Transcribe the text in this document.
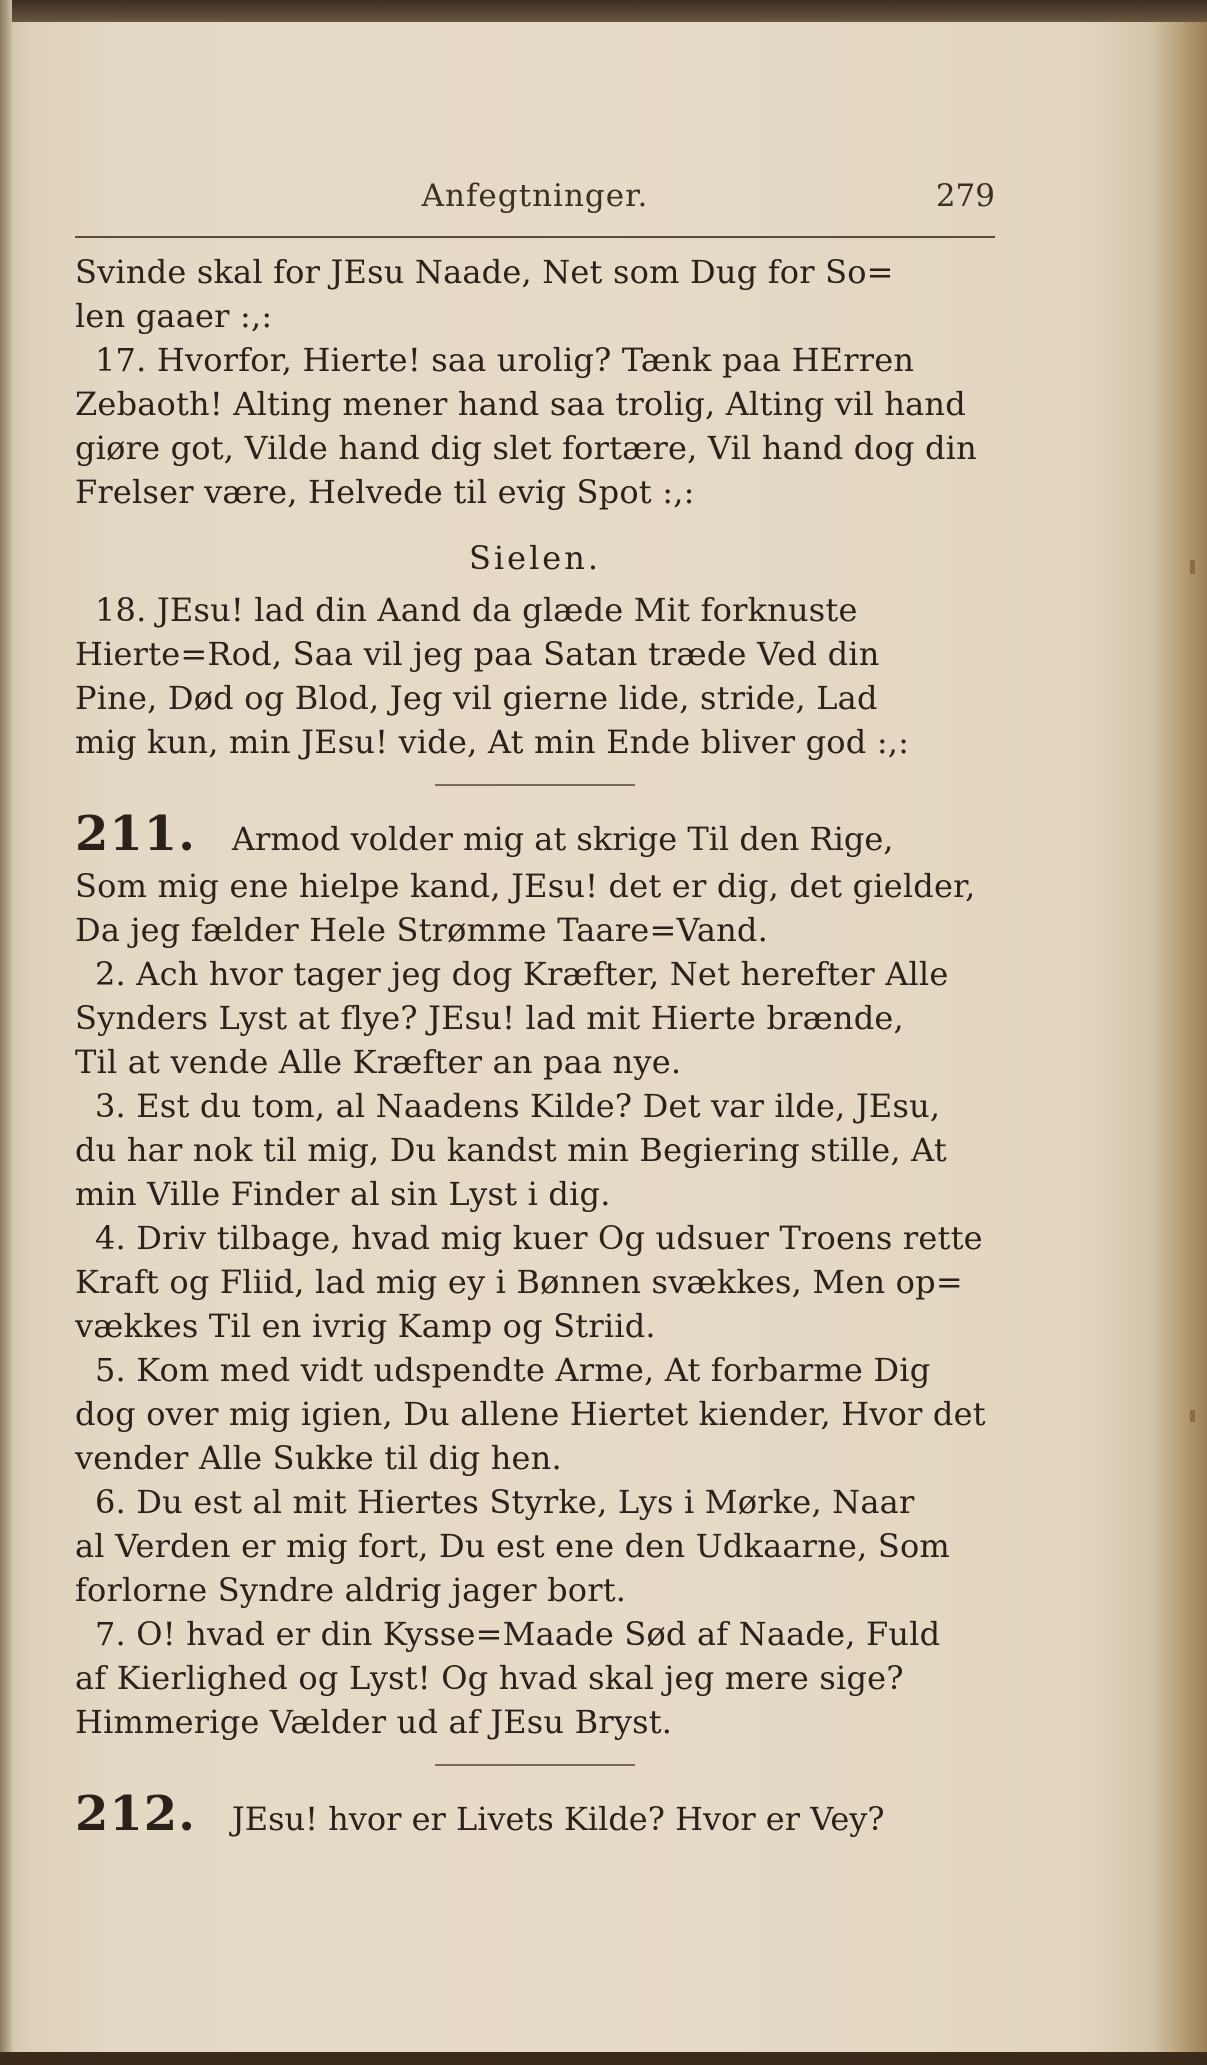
Anfegtninger.	279
Svinde skal for JEsu Naade, Net som Dug for So=
len gaaer :,:
17. Hvorfor, Hierte! saa urolig? Tænk paa HErren
Zebaoth! Alting mener hand saa trolig, Alting vil hand
giøre got, Vilde hand dig slet fortære, Vil hand dog din
Frelser være, Helvede til evig Spot :,:
Sielen.
18. JEsu! lad din Aand da glæde Mit forknuste
Hierte=Rod, Saa vil jeg paa Satan træde Ved din
Pine, Død og Blod, Jeg vil gierne lide, stride, Lad
mig kun, min JEsu! vide, At min Ende bliver god :,:
211. Armod volder mig at skrige Til den Rige,
Som mig ene hielpe kand, JEsu! det er dig, det gielder,
Da jeg fælder Hele Strømme Taare=Vand.
2. Ach hvor tager jeg dog Kræfter, Net herefter Alle
Synders Lyst at flye? JEsu! lad mit Hierte brænde,
Til at vende Alle Kræfter an paa nye.
3. Est du tom, al Naadens Kilde? Det var ilde, JEsu,
du har nok til mig, Du kandst min Begiering stille, At
min Ville Finder al sin Lyst i dig.
4. Driv tilbage, hvad mig kuer Og udsuer Troens rette
Kraft og Fliid, lad mig ey i Bønnen svækkes, Men op=
vækkes Til en ivrig Kamp og Striid.
5. Kom med vidt udspendte Arme, At forbarme Dig
dog over mig igien, Du allene Hiertet kiender, Hvor det
vender Alle Sukke til dig hen.
6. Du est al mit Hiertes Styrke, Lys i Mørke, Naar
al Verden er mig fort, Du est ene den Udkaarne, Som
forlorne Syndre aldrig jager bort.
7. O! hvad er din Kysse=Maade Sød af Naade, Fuld
af Kierlighed og Lyst! Og hvad skal jeg mere sige?
Himmerige Vælder ud af JEsu Bryst.
212. JEsu! hvor er Livets Kilde? Hvor er Vey?
